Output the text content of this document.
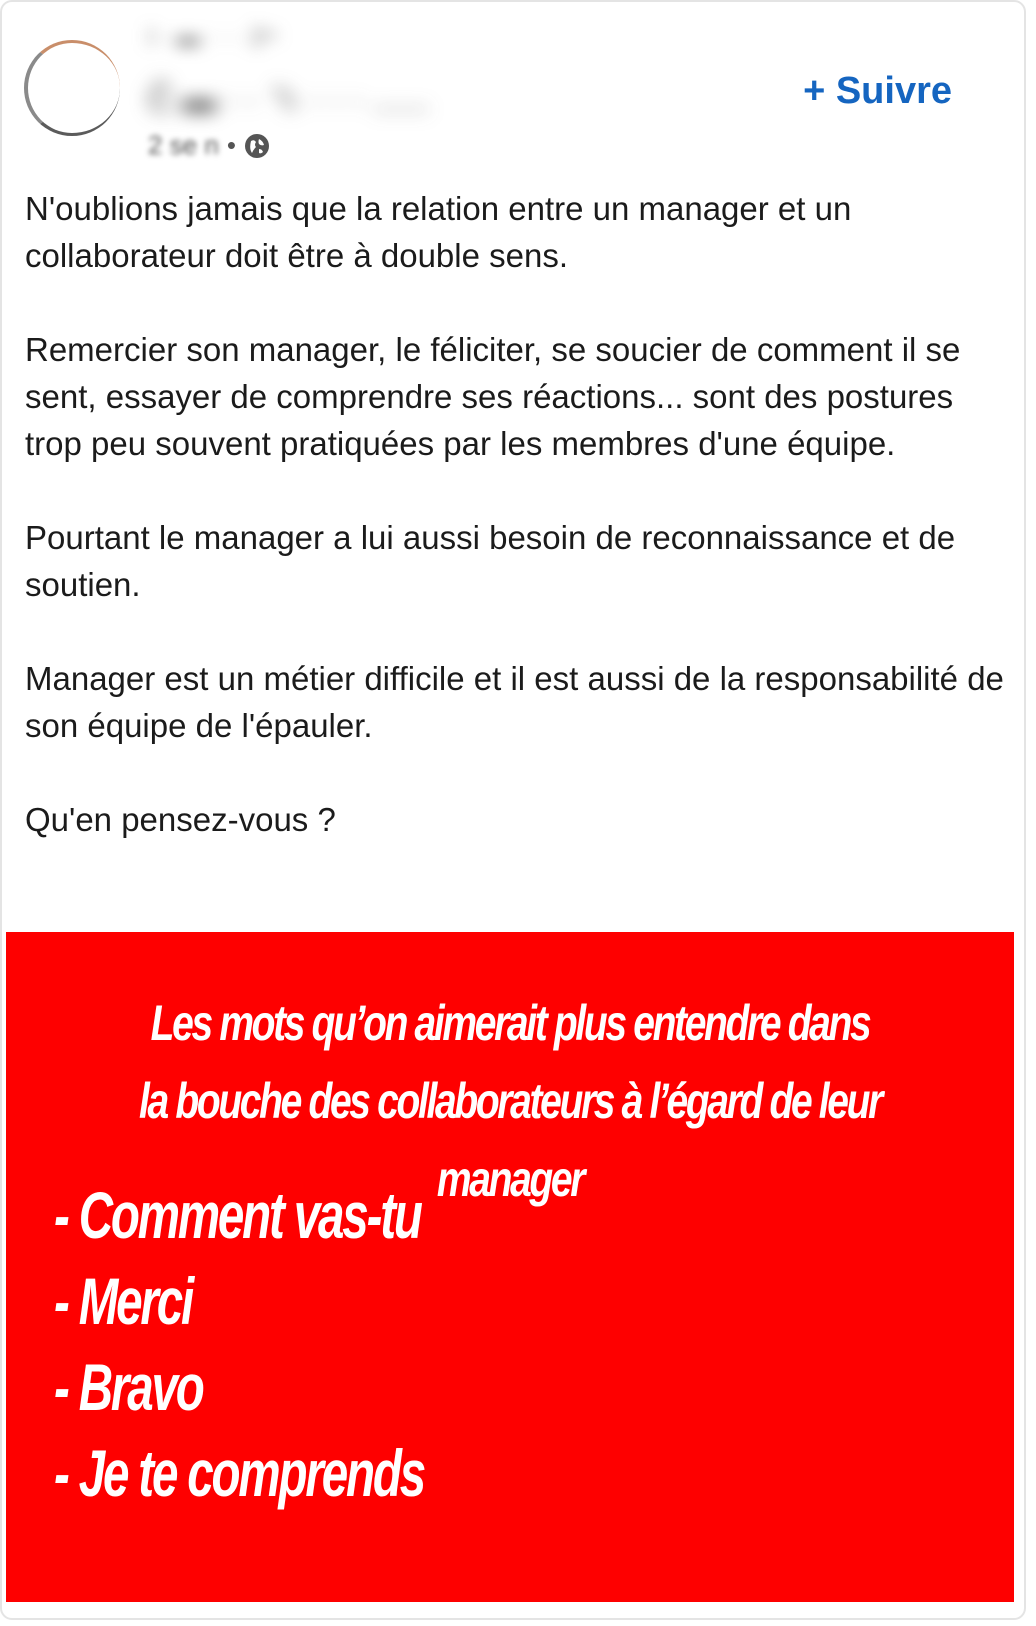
I · ▬ · · · 2ᴖ
Ĉ ▬ · · ﹆ · · · ......
2 se n •
+ Suivre

N'oublions jamais que la relation entre un manager et un collaborateur doit être à double sens.

Remercier son manager, le féliciter, se soucier de comment il se sent, essayer de comprendre ses réactions... sont des postures trop peu souvent pratiquées par les membres d'une équipe.

Pourtant le manager a lui aussi besoin de reconnaissance et de soutien.

Manager est un métier difficile et il est aussi de la responsabilité de son équipe de l'épauler.

Qu'en pensez-vous ?

Les mots qu’on aimerait plus entendre dans
la bouche des collaborateurs à l’égard de leur manager
- Comment vas-tu
- Merci
- Bravo
- Je te comprends
